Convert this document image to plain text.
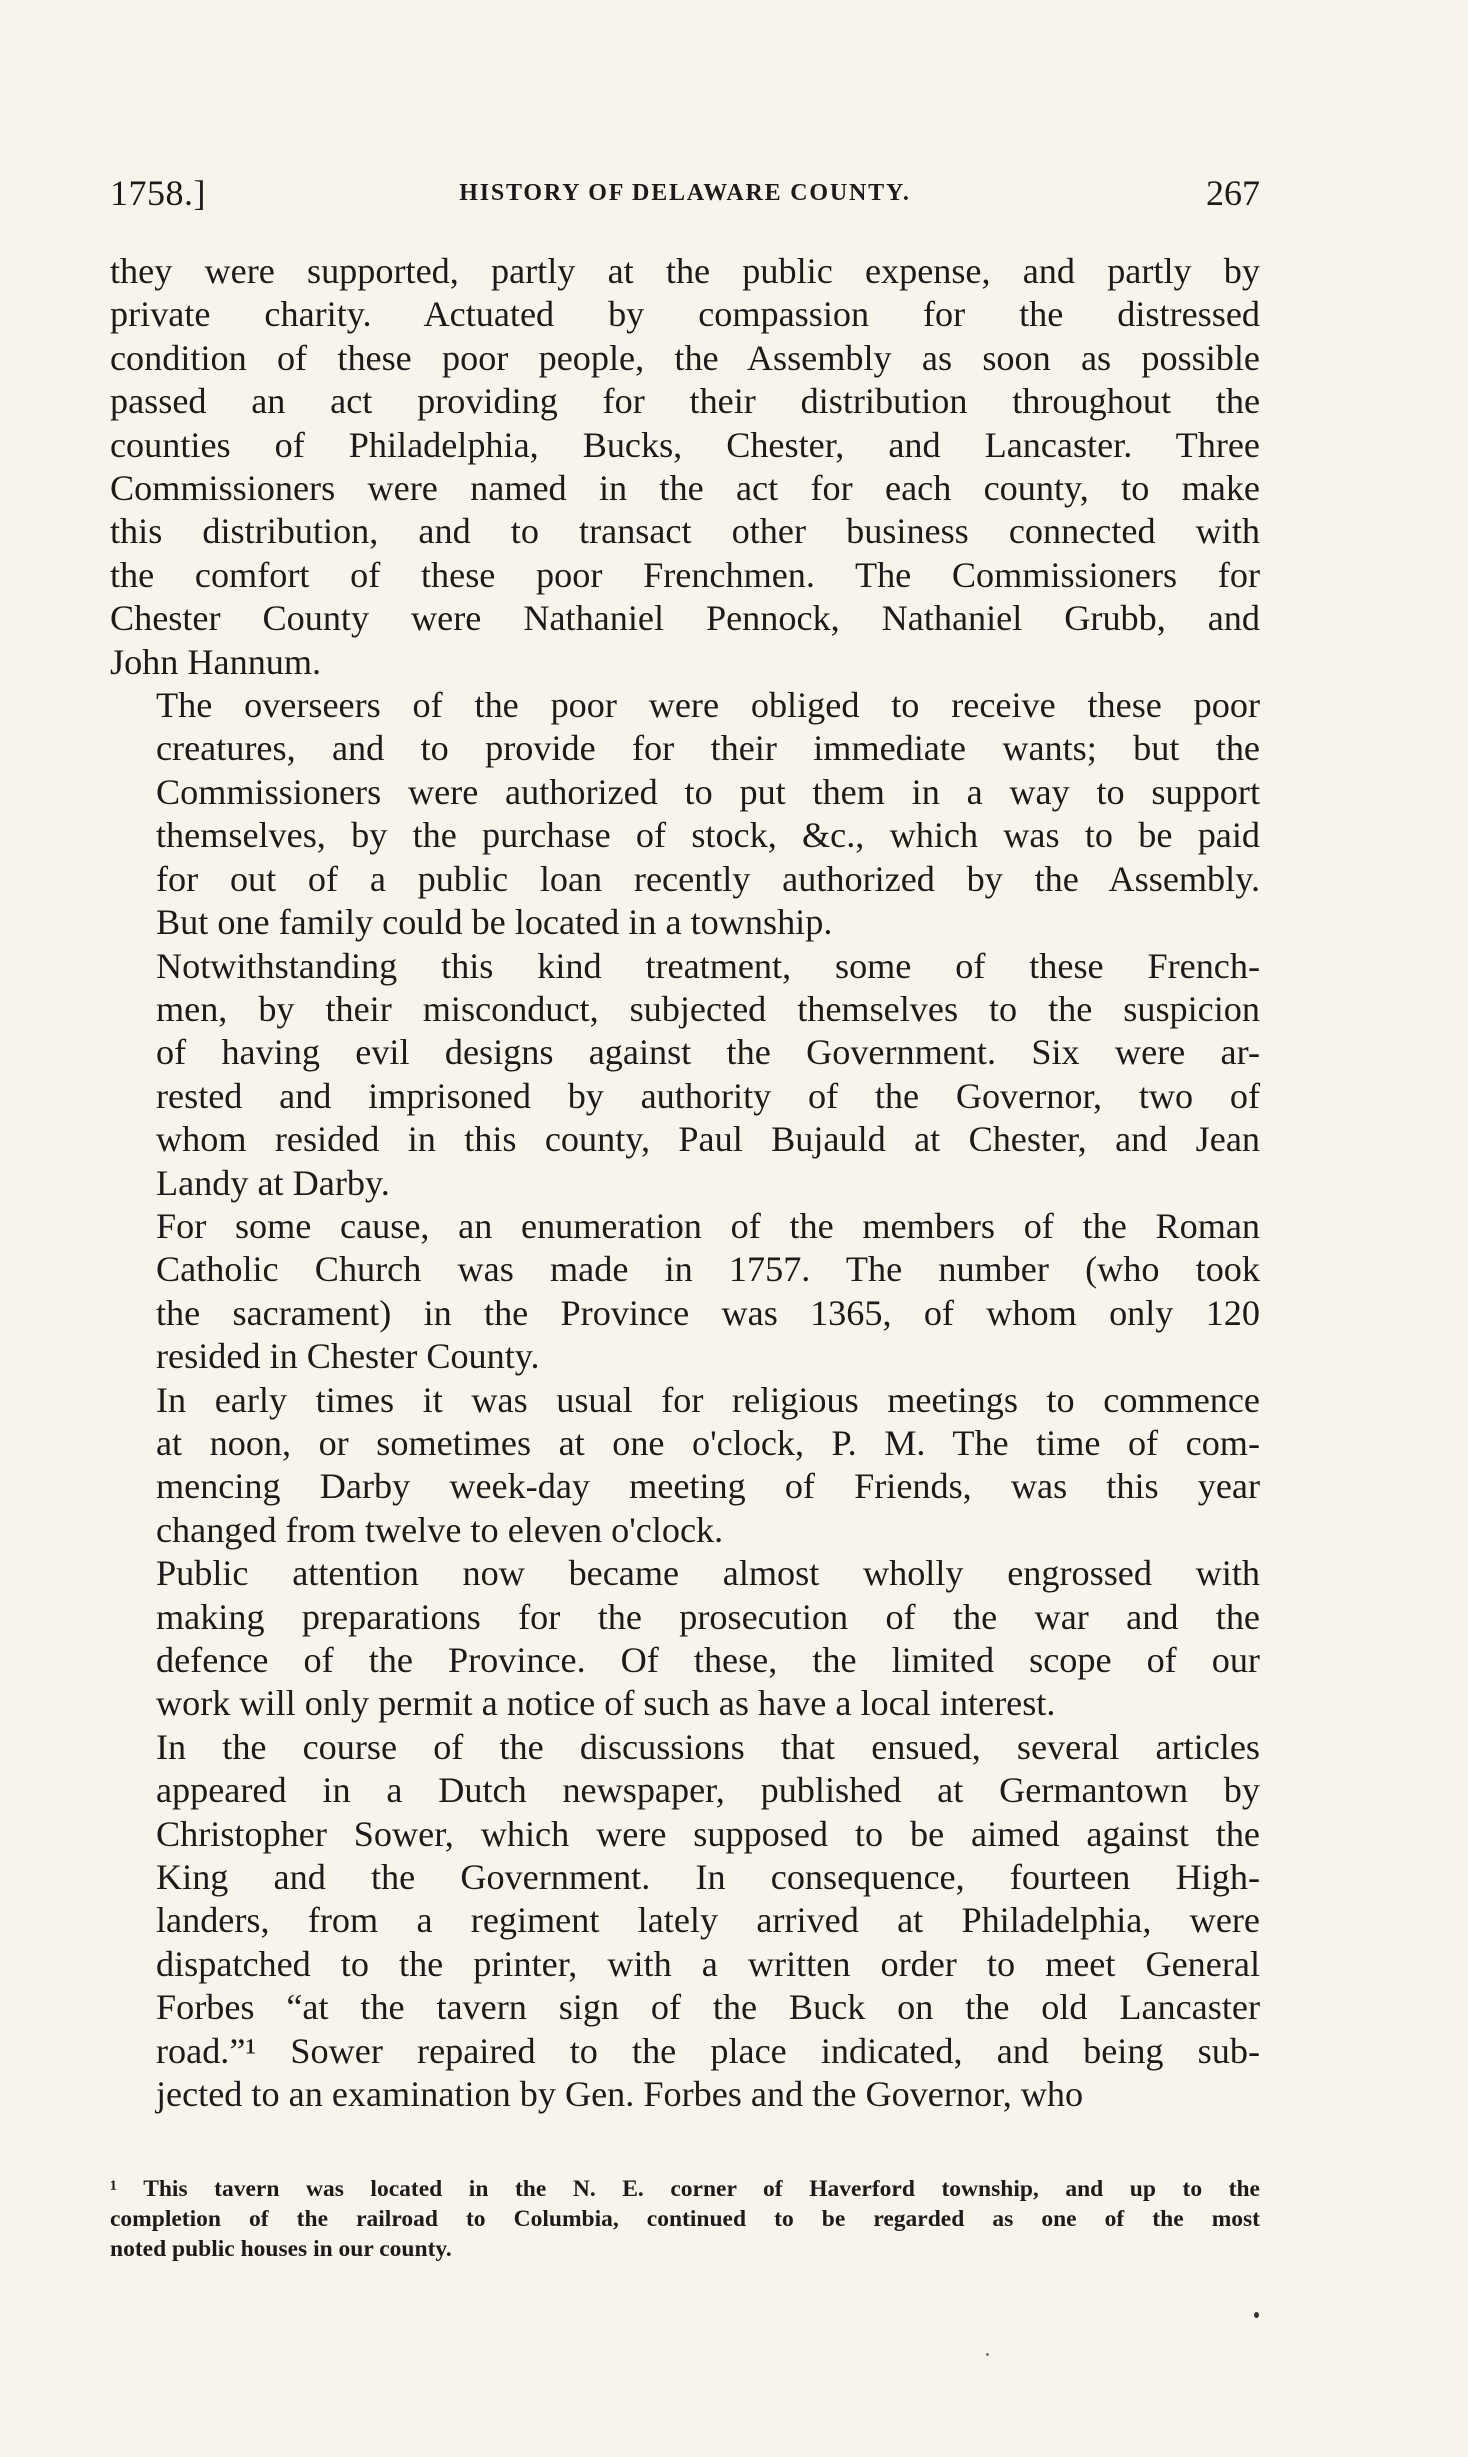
1758.]	HISTORY OF DELAWARE COUNTY.	267
they were supported, partly at the public expense, and partly by
private charity. Actuated by compassion for the distressed
condition of these poor people, the Assembly as soon as possible
passed an act providing for their distribution throughout the
counties of Philadelphia, Bucks, Chester, and Lancaster. Three
Commissioners were named in the act for each county, to make
this distribution, and to transact other business connected with
the comfort of these poor Frenchmen. The Commissioners for
Chester County were Nathaniel Pennock, Nathaniel Grubb, and
John Hannum.
The overseers of the poor were obliged to receive these poor
creatures, and to provide for their immediate wants; but the
Commissioners were authorized to put them in a way to support
themselves, by the purchase of stock, &c., which was to be paid
for out of a public loan recently authorized by the Assembly.
But one family could be located in a township.
Notwithstanding this kind treatment, some of these French-
men, by their misconduct, subjected themselves to the suspicion
of having evil designs against the Government. Six were ar-
rested and imprisoned by authority of the Governor, two of
whom resided in this county, Paul Bujauld at Chester, and Jean
Landy at Darby.
For some cause, an enumeration of the members of the Roman
Catholic Church was made in 1757. The number (who took
the sacrament) in the Province was 1365, of whom only 120
resided in Chester County.
In early times it was usual for religious meetings to commence
at noon, or sometimes at one o'clock, P. M. The time of com-
mencing Darby week-day meeting of Friends, was this year
changed from twelve to eleven o'clock.
Public attention now became almost wholly engrossed with
making preparations for the prosecution of the war and the
defence of the Province. Of these, the limited scope of our
work will only permit a notice of such as have a local interest.
In the course of the discussions that ensued, several articles
appeared in a Dutch newspaper, published at Germantown by
Christopher Sower, which were supposed to be aimed against the
King and the Government. In consequence, fourteen High-
landers, from a regiment lately arrived at Philadelphia, were
dispatched to the printer, with a written order to meet General
Forbes “at the tavern sign of the Buck on the old Lancaster
road.”¹ Sower repaired to the place indicated, and being sub-
jected to an examination by Gen. Forbes and the Governor, who
¹ This tavern was located in the N. E. corner of Haverford township, and up to the
completion of the railroad to Columbia, continued to be regarded as one of the most
noted public houses in our county.
